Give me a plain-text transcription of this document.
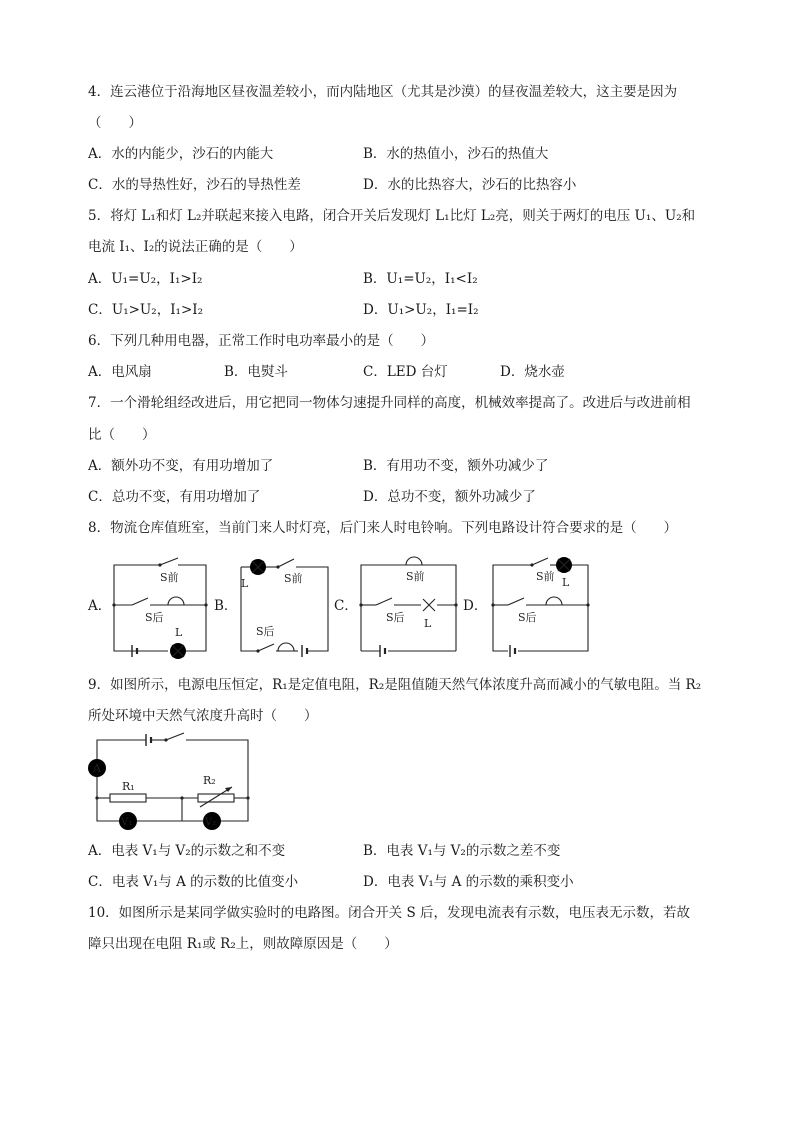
4．连云港位于沿海地区昼夜温差较小，而内陆地区（尤其是沙漠）的昼夜温差较大，这主要是因为
（　　）
A．水的内能少，沙石的内能大	B．水的热值小，沙石的热值大
C．水的导热性好，沙石的导热性差	D．水的比热容大，沙石的比热容小
5．将灯 L₁和灯 L₂并联起来接入电路，闭合开关后发现灯 L₁比灯 L₂亮，则关于两灯的电压 U₁、U₂和
电流 I₁、I₂的说法正确的是（　　）
A．U₁=U₂，I₁>I₂	B．U₁=U₂，I₁<I₂
C．U₁>U₂，I₁>I₂	D．U₁>U₂，I₁=I₂
6．下列几种用电器，正常工作时电功率最小的是（　　）
A．电风扇	B．电熨斗	C．LED 台灯	D．烧水壶
7．一个滑轮组经改进后，用它把同一物体匀速提升同样的高度，机械效率提高了。改进后与改进前相
比（　　）
A．额外功不变，有用功增加了	B．有用功不变，额外功减少了
C．总功不变，有用功增加了	D．总功不变，额外功减少了
8．物流仓库值班室，当前门来人时灯亮，后门来人时电铃响。下列电路设计符合要求的是（　　）
A．	B．	C．	D．
S前
S后
L
L	S前
S后
S前
S后 L
S前 L
S后
9．如图所示，电源电压恒定，R₁是定值电阻，R₂是阻值随天然气体浓度升高而减小的气敏电阻。当 R₂
所处环境中天然气浓度升高时（　　）
A
R₁	R₂
V₁	V₂
A．电表 V₁与 V₂的示数之和不变	B．电表 V₁与 V₂的示数之差不变
C．电表 V₁与 A 的示数的比值变小	D．电表 V₁与 A 的示数的乘积变小
10．如图所示是某同学做实验时的电路图。闭合开关 S 后，发现电流表有示数，电压表无示数，若故
障只出现在电阻 R₁或 R₂上，则故障原因是（　　）
